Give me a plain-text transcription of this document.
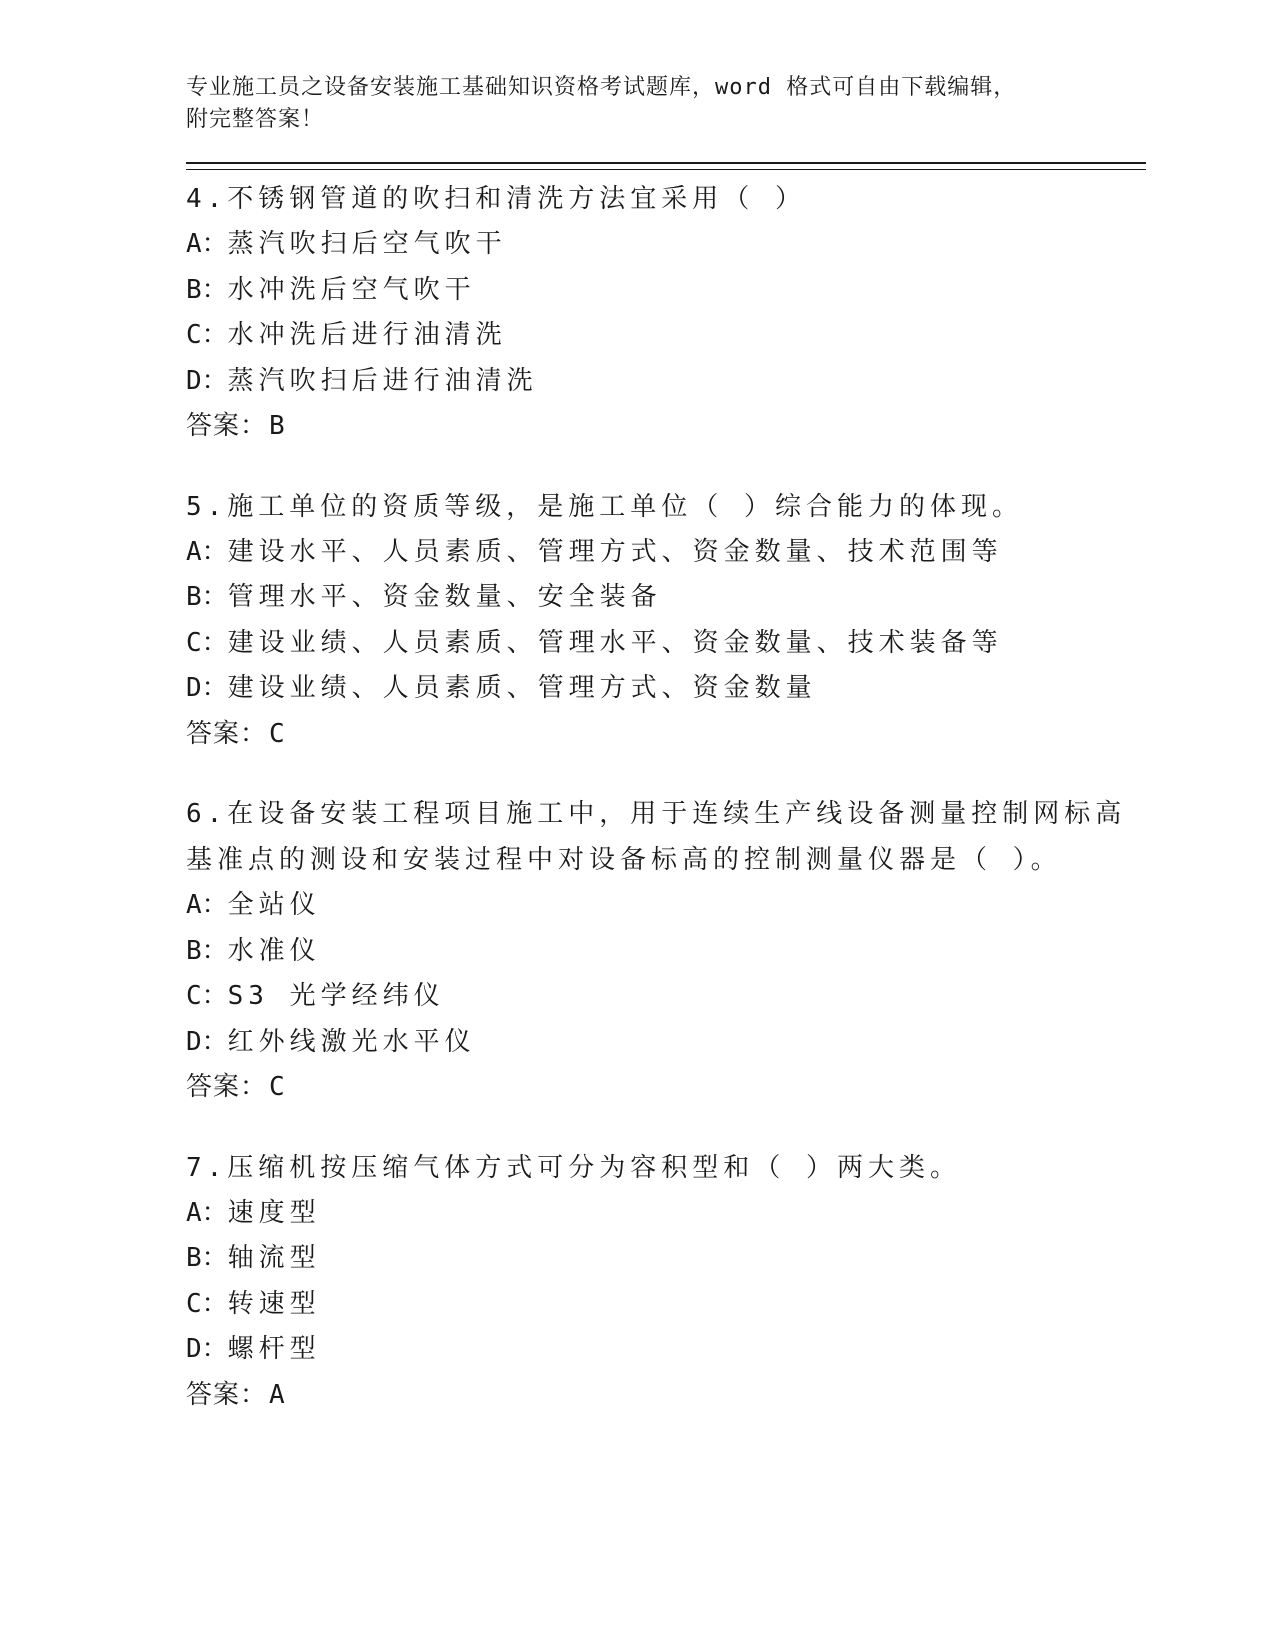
专业施工员之设备安装施工基础知识资格考试题库，word 格式可自由下载编辑，
附完整答案！
4.不锈钢管道的吹扫和清洗方法宜采用（ ）
A：蒸汽吹扫后空气吹干
B：水冲洗后空气吹干
C：水冲洗后进行油清洗
D：蒸汽吹扫后进行油清洗
答案：B
5.施工单位的资质等级，是施工单位（ ）综合能力的体现。
A：建设水平、人员素质、管理方式、资金数量、技术范围等
B：管理水平、资金数量、安全装备
C：建设业绩、人员素质、管理水平、资金数量、技术装备等
D：建设业绩、人员素质、管理方式、资金数量
答案：C
6.在设备安装工程项目施工中，用于连续生产线设备测量控制网标高基准点的测设和安装过程中对设备标高的控制测量仪器是（ ）。
A：全站仪
B：水准仪
C：S3 光学经纬仪
D：红外线激光水平仪
答案：C
7.压缩机按压缩气体方式可分为容积型和（ ）两大类。
A：速度型
B：轴流型
C：转速型
D：螺杆型
答案：A
